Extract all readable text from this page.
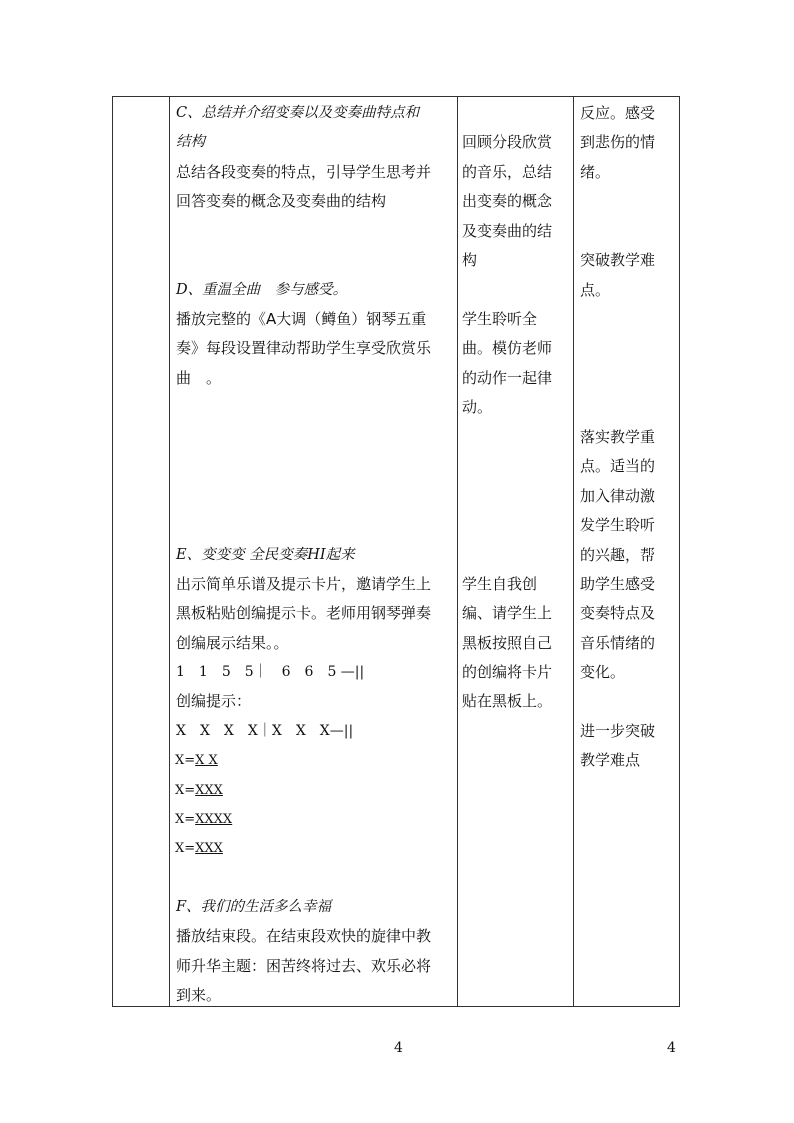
C、总结并介绍变奏以及变奏曲特点和
结构
总结各段变奏的特点，引导学生思考并
回答变奏的概念及变奏曲的结构
D、重温全曲　参与感受。
播放完整的《A大调（鳟鱼）钢琴五重
奏》每段设置律动帮助学生享受欣赏乐
曲　。
E、变变变 全民变奏HI起来
出示简单乐谱及提示卡片，邀请学生上
黑板粘贴创编提示卡。老师用钢琴弹奏
创编展示结果。。
1　1　5　5｜　6　6　5 —||
创编提示：
X　X　X　X｜X　X　X—||
X=X X
X=XXX
X=XXXX
X=XXX
F、我们的生活多么幸福
播放结束段。在结束段欢快的旋律中教
师升华主题：困苦终将过去、欢乐必将
到来。
回顾分段欣赏
的音乐，总结
出变奏的概念
及变奏曲的结
构
学生聆听全
曲。模仿老师
的动作一起律
动。
学生自我创
编、请学生上
黑板按照自己
的创编将卡片
贴在黑板上。
反应。感受
到悲伤的情
绪。
突破教学难
点。
落实教学重
点。适当的
加入律动激
发学生聆听
的兴趣，帮
助学生感受
变奏特点及
音乐情绪的
变化。
进一步突破
教学难点
4	4
